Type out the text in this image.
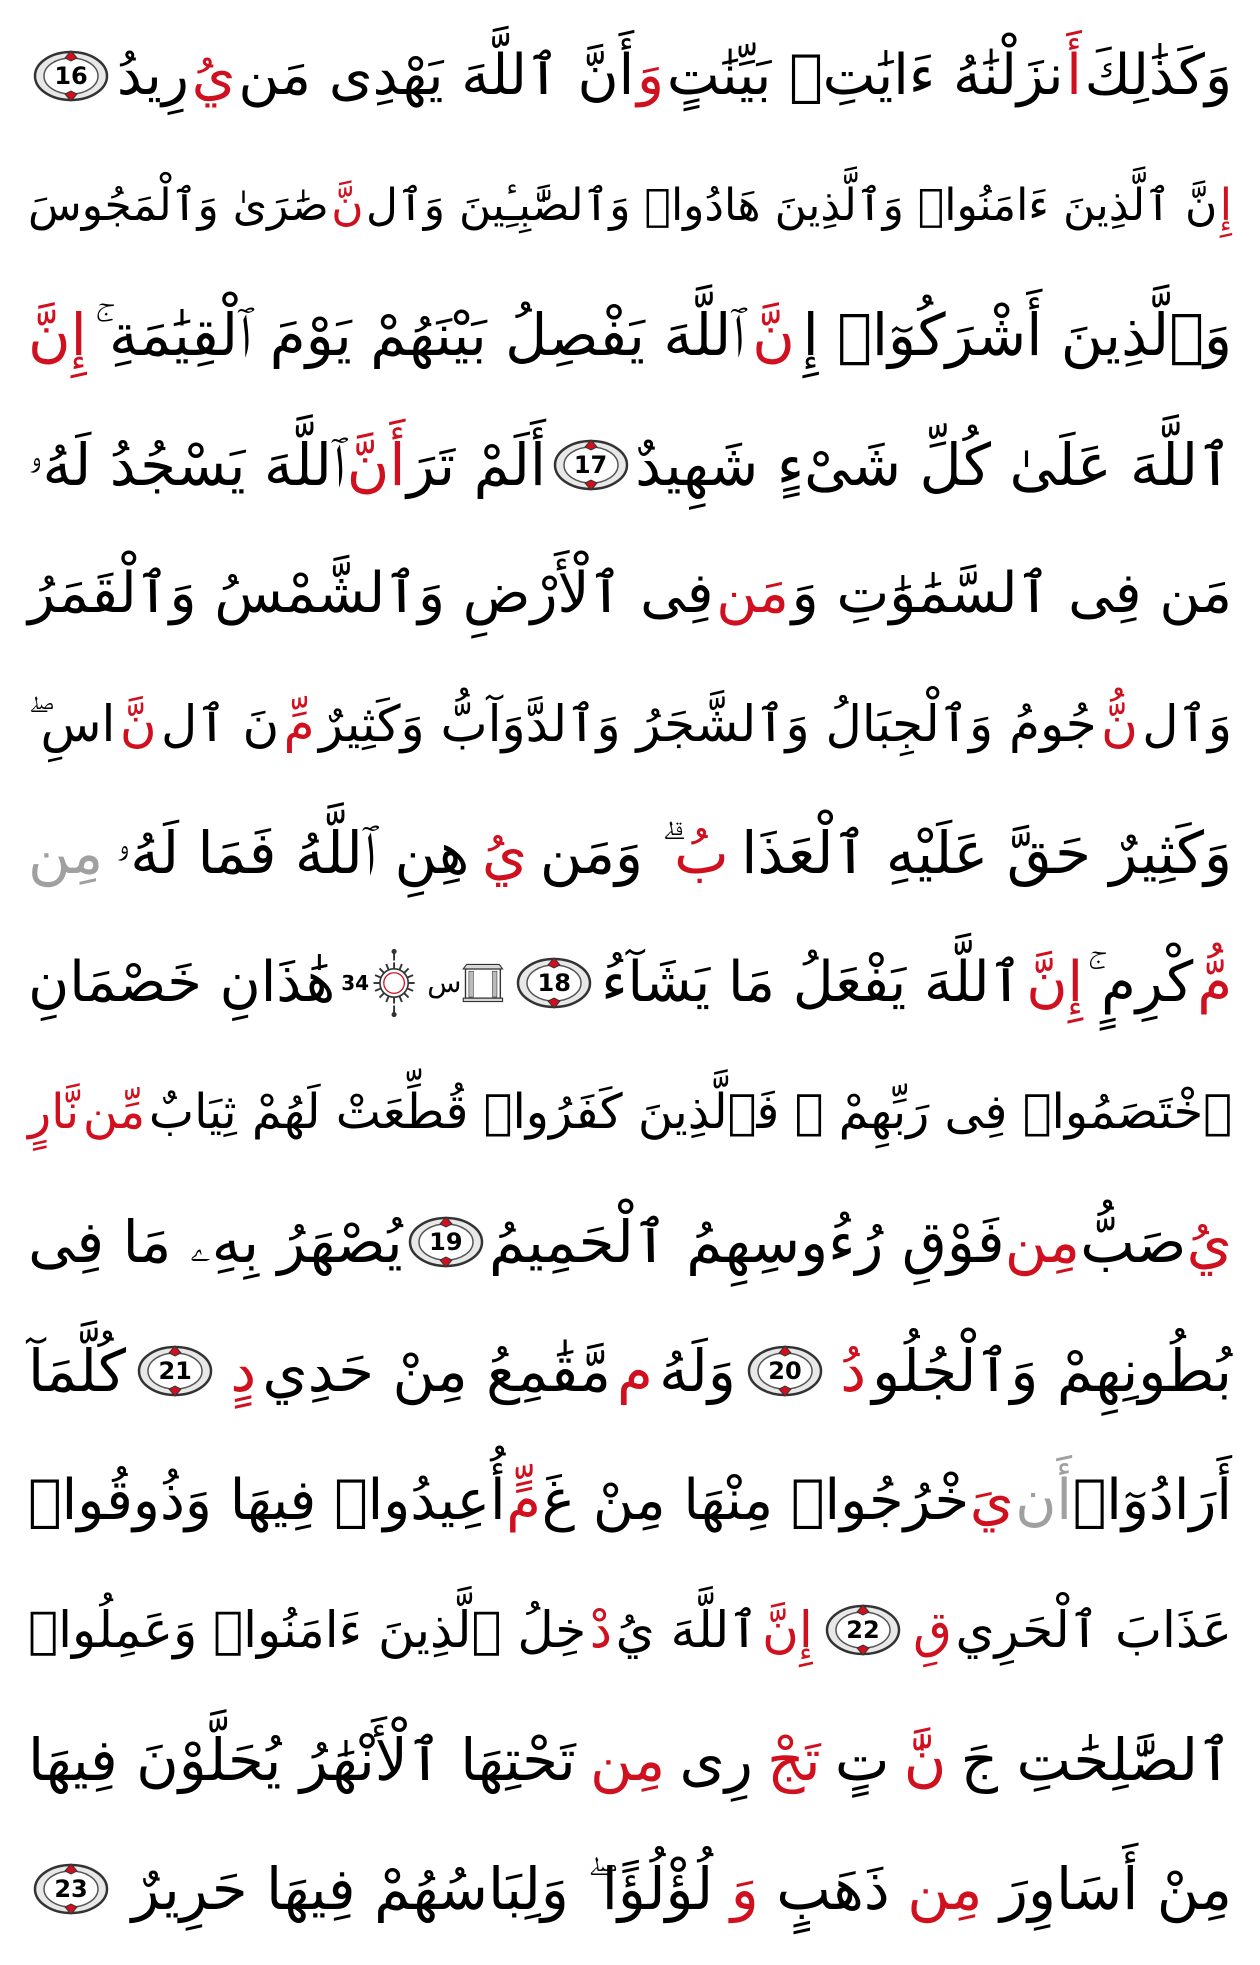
وَكَذَٰلِكَ
أَ
نزَلْنَٰهُ ءَايَٰتِۭ بَيِّنَٰتٍ
وَ
أَنَّ ٱللَّهَ يَهْدِى مَن
يُ
رِيدُ
16
إِ
نَّ ٱلَّذِينَ ءَامَنُوا۟ وَٱلَّذِينَ هَادُوا۟ وَٱلصَّٰبِـِٔينَ وَٱل
نَّ
صَٰرَىٰ وَٱلْمَجُوسَ
وَٱلَّذِينَ أَشْرَكُوٓا۟ إِ
نَّ
ٱللَّهَ يَفْصِلُ بَيْنَهُمْ يَوْمَ ٱلْقِيَٰمَةِ ۚ
إِنَّ
ٱللَّهَ عَلَىٰ كُلِّ شَىْءٍ شَهِيدٌ
17
أَلَمْ تَرَ
أَنَّ
ٱللَّهَ يَسْجُدُ لَهُۥ
مَن فِى ٱلسَّمَٰوَٰتِ وَ
مَن
فِى ٱلْأَرْضِ وَٱلشَّمْسُ وَٱلْقَمَرُ
وَٱل
نُّ
جُومُ وَٱلْجِبَالُ وَٱلشَّجَرُ وَٱلدَّوَآبُّ وَكَثِيرٌ
مِّ
نَ ٱل
نَّ
اسِ ۖ
وَكَثِيرٌ حَقَّ عَلَيْهِ ٱلْعَذَا
بُ
ۗ وَمَن
يُ
هِنِ ٱللَّهُ فَمَا لَهُۥ
مِن
مُّ
كْرِمٍ ۚ
إِنَّ
ٱللَّهَ يَفْعَلُ مَا يَشَآءُ
18
س
34
هَٰذَانِ خَصْمَانِ
ٱخْتَصَمُوا۟ فِى رَبِّهِمْ ۖ فَٱلَّذِينَ كَفَرُوا۟ قُطِّعَتْ لَهُمْ ثِيَابٌ
مِّن
نَّارٍ
يُ
صَبُّ
مِن
فَوْقِ رُءُوسِهِمُ ٱلْحَمِيمُ
19
يُصْهَرُ بِهِۦ مَا فِى
بُطُونِهِمْ وَٱلْجُلُو
دُ
20
وَلَهُ
م
مَّقَٰمِعُ مِنْ حَدِي
دٍ
21
كُلَّمَآ
أَرَادُوٓا۟
أَن
يَ
خْرُجُوا۟ مِنْهَا مِنْ غَ
مٍّ
أُعِيدُوا۟ فِيهَا وَذُوقُوا۟
عَذَابَ ٱلْحَرِي
قِ
22
إِنَّ
ٱللَّهَ يُ
دْ
خِلُ ٱلَّذِينَ ءَامَنُوا۟ وَعَمِلُوا۟
ٱلصَّٰلِحَٰتِ جَ
نَّٰ
تٍ
تَجْ
رِى
مِن
تَحْتِهَا ٱلْأَنْهَٰرُ يُحَلَّوْنَ فِيهَا
مِنْ أَسَاوِرَ
مِن
ذَهَبٍ
وَ
لُؤْلُؤًا ۖ وَلِبَاسُهُمْ فِيهَا حَرِيرٌ
23
